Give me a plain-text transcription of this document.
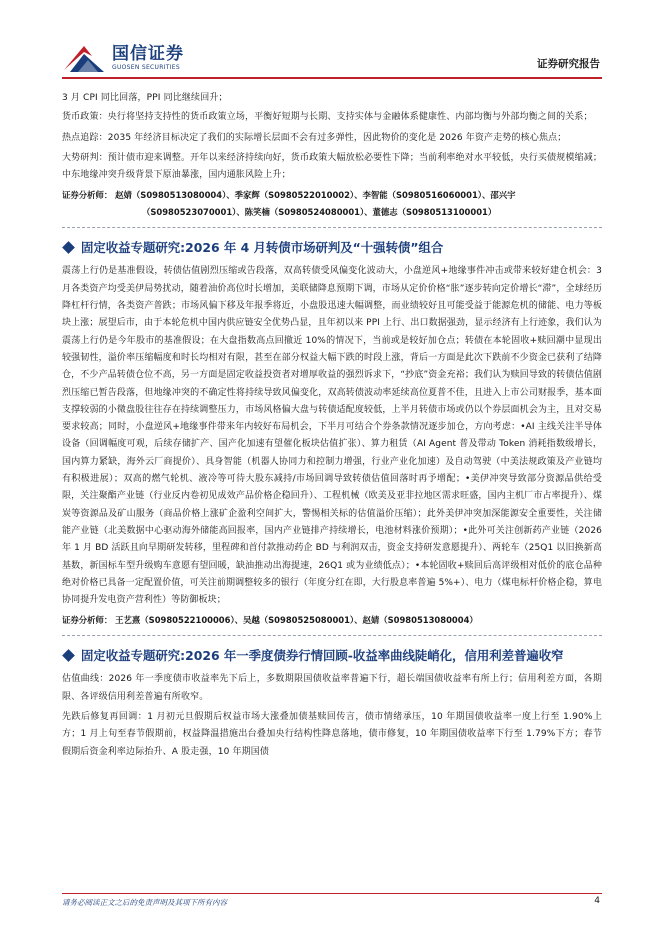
国信证券
GUOSEN SECURITIES	证券研究报告

3 月 CPI 同比回落，PPI 同比继续回升；

货币政策：央行将坚持支持性的货币政策立场，平衡好短期与长期、支持实体与金融体系健康性、内部均衡与外部均衡之间的关系；

热点追踪：2035 年经济目标决定了我们的实际增长层面不会有过多弹性，因此物价的变化是 2026 年资产走势的核心焦点；

大势研判：预计债市迎来调整。开年以来经济持续向好，货币政策大幅放松必要性下降；当前利率绝对水平较低，央行买债规模缩减；中东地缘冲突升级背景下原油暴涨，国内通胀风险上升；

证券分析师： 赵婧（S0980513080004）、季家辉（S0980522010002）、李智能（S0980516060001）、邵兴宇
（S0980523070001）、陈笑楠（S0980524080001）、董德志（S0980513100001）
固定收益专题研究:2026 年 4 月转债市场研判及“十强转债”组合

震荡上行仍是基准假设，转债估值剧烈压缩或告段落，双高转债受风偏变化波动大，小盘逆风+地缘事件冲击或带来较好建仓机会：3 月各类资产均受美伊局势扰动，随着油价高位时长增加，美联储降息预期下调，市场从定价价格“胀”逐步转向定价增长“滞”，全球经历降杠杆行情，各类资产普跌；市场风偏下移及年报季将近，小盘股迅速大幅调整，而业绩较好且可能受益于能源危机的储能、电力等板块上涨；展望后市，由于本轮危机中国内供应链安全优势凸显，且年初以来 PPI 上行、出口数据强劲，显示经济有上行迹象，我们认为震荡上行仍是今年股市的基准假设；在大盘指数高点回撤近 10%的情况下，当前或是较好加仓点；转债在本轮固收+赎回潮中显现出较强韧性，溢价率压缩幅度和时长均相对有限，甚至在部分权益大幅下跌的时段上涨，背后一方面是此次下跌前不少资金已获利了结降仓，不少产品转债仓位不高，另一方面是固定收益投资者对增厚收益的强烈诉求下，“抄底”资金充裕；我们认为赎回导致的转债估值剧烈压缩已暂告段落，但地缘冲突的不确定性将持续导致风偏变化，双高转债波动率延续高位夏普不佳，且进入上市公司财报季，基本面支撑较弱的小微盘股往往存在持续调整压力，市场风格偏大盘与转债适配度较低，上半月转债市场或仍以个券层面机会为主，且对交易要求较高；同时，小盘逆风+地缘事件带来年内较好布局机会，下半月可结合个券条款情况逐步加仓，方向考虑：•AI 主线关注半导体设备（回调幅度可观，后续存储扩产、国产化加速有望催化板块估值扩张）、算力租赁（AI Agent 普及带动 Token 消耗指数级增长，国内算力紧缺，海外云厂商提价）、具身智能（机器人协同力和控制力增强，行业产业化加速）及自动驾驶（中美法规政策及产业链均有积极进展）；双高的燃气轮机、液冷等可待大股东减持/市场回调导致转债估值回落时再予增配；•美伊冲突导致部分资源品供给受限，关注聚酯产业链（行业反内卷初见成效产品价格企稳回升）、工程机械（欧美及亚非拉地区需求旺盛，国内主机厂市占率提升）、煤炭等资源品及矿山服务（商品价格上涨矿企盈利空间扩大，警惕相关标的估值溢价压缩）；此外美伊冲突加深能源安全重要性，关注储能产业链（北美数据中心驱动海外储能高回报率，国内产业链排产持续增长，电池材料涨价预期）；•此外可关注创新药产业链（2026 年 1 月 BD 活跃且向早期研发转移，里程碑和首付款推动药企 BD 与利润双击，资金支持研发意愿提升）、两轮车（25Q1 以旧换新高基数，新国标车型升级购车意愿有望回暖，缺油推动出海提速，26Q1 或为业绩低点）；•本轮固收+赎回后高评级相对低价的底仓品种绝对价格已具备一定配置价值，可关注前期调整较多的银行（年度分红在即，大行股息率普遍 5%+）、电力（煤电标杆价格企稳，算电协同提升发电资产营利性）等防御板块；

证券分析师： 王艺熹（S0980522100006）、吴越（S0980525080001）、赵婧（S0980513080004）
固定收益专题研究:2026 年一季度债券行情回顾-收益率曲线陡峭化，信用利差普遍收窄

估值曲线：2026 年一季度债市收益率先下后上，多数期限国债收益率普遍下行，超长端国债收益率有所上行；信用利差方面，各期限、各评级信用利差普遍有所收窄。

先跌后修复再回调：1 月初元旦假期后权益市场大涨叠加债基赎回传言，债市情绪承压，10 年期国债收益率一度上行至 1.90%上方；1 月上旬至春节假期前，权益降温措施出台叠加央行结构性降息落地，债市修复，10 年期国债收益率下行至 1.79%下方；春节假期后资金利率边际抬升、A 股走强，10 年期国债

请务必阅读正文之后的免责声明及其项下所有内容	4
